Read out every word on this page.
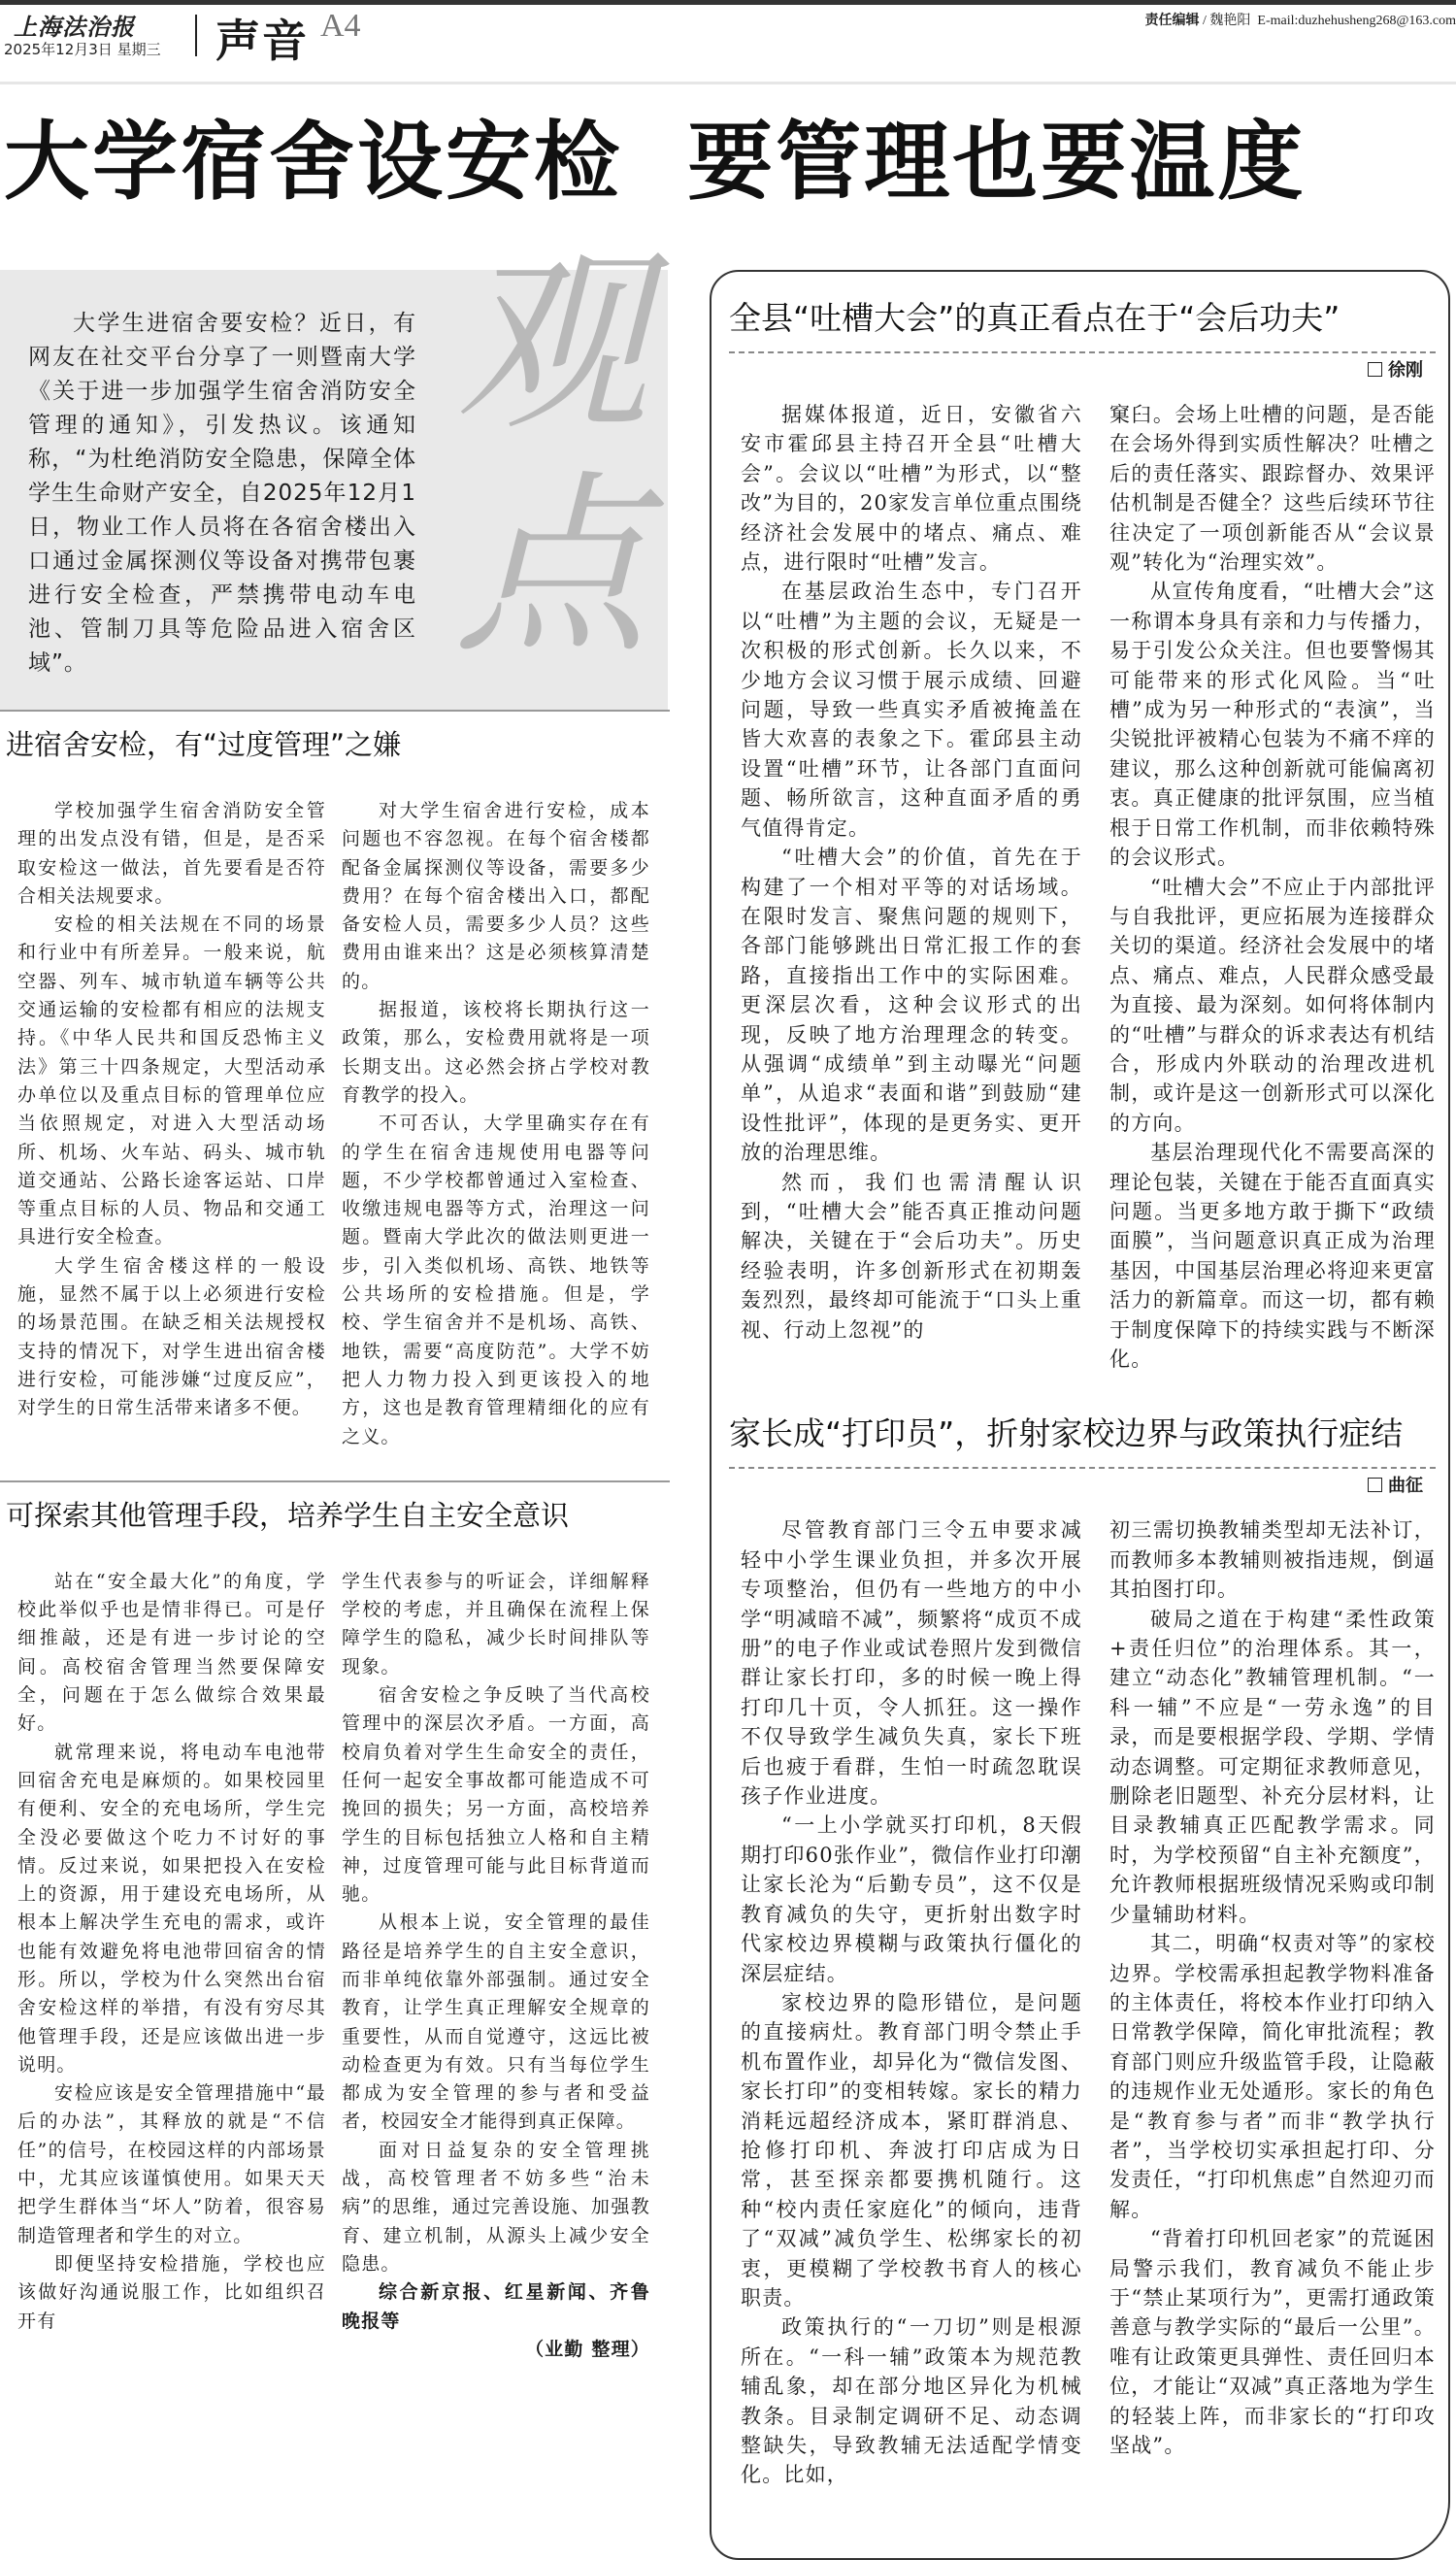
上海法治报
2025年12月3日 星期三 声音 A4	责任编辑 / 魏艳阳 E-mail:duzhehusheng268@163.com
大学宿舍设安检  要管理也要温度
观点

大学生进宿舍要安检？近日，有网友在社交平台分享了一则暨南大学《关于进一步加强学生宿舍消防安全管理的通知》，引发热议。该通知称，“为杜绝消防安全隐患，保障全体学生生命财产安全，自2025年12月1日，物业工作人员将在各宿舍楼出入口通过金属探测仪等设备对携带包裹进行安全检查，严禁携带电动车电池、管制刀具等危险品进入宿舍区域”。

进宿舍安检，有“过度管理”之嫌

学校加强学生宿舍消防安全管理的出发点没有错，但是，是否采取安检这一做法，首先要看是否符合相关法规要求。

安检的相关法规在不同的场景和行业中有所差异。一般来说，航空器、列车、城市轨道车辆等公共交通运输的安检都有相应的法规支持。《中华人民共和国反恐怖主义法》第三十四条规定，大型活动承办单位以及重点目标的管理单位应当依照规定，对进入大型活动场所、机场、火车站、码头、城市轨道交通站、公路长途客运站、口岸等重点目标的人员、物品和交通工具进行安全检查。

大学生宿舍楼这样的一般设施，显然不属于以上必须进行安检的场景范围。在缺乏相关法规授权支持的情况下，对学生进出宿舍楼进行安检，可能涉嫌“过度反应”，对学生的日常生活带来诸多不便。

对大学生宿舍进行安检，成本问题也不容忽视。在每个宿舍楼都配备金属探测仪等设备，需要多少费用？在每个宿舍楼出入口，都配备安检人员，需要多少人员？这些费用由谁来出？这是必须核算清楚的。

据报道，该校将长期执行这一政策，那么，安检费用就将是一项长期支出。这必然会挤占学校对教育教学的投入。

不可否认，大学里确实存在有的学生在宿舍违规使用电器等问题，不少学校都曾通过入室检查、收缴违规电器等方式，治理这一问题。暨南大学此次的做法则更进一步，引入类似机场、高铁、地铁等公共场所的安检措施。但是，学校、学生宿舍并不是机场、高铁、地铁，需要“高度防范”。大学不妨把人力物力投入到更该投入的地方，这也是教育管理精细化的应有之义。

可探索其他管理手段，培养学生自主安全意识

站在“安全最大化”的角度，学校此举似乎也是情非得已。可是仔细推敲，还是有进一步讨论的空间。高校宿舍管理当然要保障安全，问题在于怎么做综合效果最好。

就常理来说，将电动车电池带回宿舍充电是麻烦的。如果校园里有便利、安全的充电场所，学生完全没必要做这个吃力不讨好的事情。反过来说，如果把投入在安检上的资源，用于建设充电场所，从根本上解决学生充电的需求，或许也能有效避免将电池带回宿舍的情形。所以，学校为什么突然出台宿舍安检这样的举措，有没有穷尽其他管理手段，还是应该做出进一步说明。

安检应该是安全管理措施中“最后的办法”，其释放的就是“不信任”的信号，在校园这样的内部场景中，尤其应该谨慎使用。如果天天把学生群体当“坏人”防着，很容易制造管理者和学生的对立。

即便坚持安检措施，学校也应该做好沟通说服工作，比如组织召开有

学生代表参与的听证会，详细解释学校的考虑，并且确保在流程上保障学生的隐私，减少长时间排队等现象。

宿舍安检之争反映了当代高校管理中的深层次矛盾。一方面，高校肩负着对学生生命安全的责任，任何一起安全事故都可能造成不可挽回的损失；另一方面，高校培养学生的目标包括独立人格和自主精神，过度管理可能与此目标背道而驰。

从根本上说，安全管理的最佳路径是培养学生的自主安全意识，而非单纯依靠外部强制。通过安全教育，让学生真正理解安全规章的重要性，从而自觉遵守，这远比被动检查更为有效。只有当每位学生都成为安全管理的参与者和受益者，校园安全才能得到真正保障。

面对日益复杂的安全管理挑战，高校管理者不妨多些“治未病”的思维，通过完善设施、加强教育、建立机制，从源头上减少安全隐患。

综合新京报、红星新闻、齐鲁晚报等

（业勤 整理）
全县“吐槽大会”的真正看点在于“会后功夫”
徐刚

据媒体报道，近日，安徽省六安市霍邱县主持召开全县“吐槽大会”。会议以“吐槽”为形式，以“整改”为目的，20家发言单位重点围绕经济社会发展中的堵点、痛点、难点，进行限时“吐槽”发言。

在基层政治生态中，专门召开以“吐槽”为主题的会议，无疑是一次积极的形式创新。长久以来，不少地方会议习惯于展示成绩、回避问题，导致一些真实矛盾被掩盖在皆大欢喜的表象之下。霍邱县主动设置“吐槽”环节，让各部门直面问题、畅所欲言，这种直面矛盾的勇气值得肯定。

“吐槽大会”的价值，首先在于构建了一个相对平等的对话场域。在限时发言、聚焦问题的规则下，各部门能够跳出日常汇报工作的套路，直接指出工作中的实际困难。更深层次看，这种会议形式的出现，反映了地方治理理念的转变。从强调“成绩单”到主动曝光“问题单”，从追求“表面和谐”到鼓励“建设性批评”，体现的是更务实、更开放的治理思维。

然而，我们也需清醒认识到，“吐槽大会”能否真正推动问题解决，关键在于“会后功夫”。历史经验表明，许多创新形式在初期轰轰烈烈，最终却可能流于“口头上重视、行动上忽视”的

窠臼。会场上吐槽的问题，是否能在会场外得到实质性解决？吐槽之后的责任落实、跟踪督办、效果评估机制是否健全？这些后续环节往往决定了一项创新能否从“会议景观”转化为“治理实效”。

从宣传角度看，“吐槽大会”这一称谓本身具有亲和力与传播力，易于引发公众关注。但也要警惕其可能带来的形式化风险。当“吐槽”成为另一种形式的“表演”，当尖锐批评被精心包装为不痛不痒的建议，那么这种创新就可能偏离初衷。真正健康的批评氛围，应当植根于日常工作机制，而非依赖特殊的会议形式。

“吐槽大会”不应止于内部批评与自我批评，更应拓展为连接群众关切的渠道。经济社会发展中的堵点、痛点、难点，人民群众感受最为直接、最为深刻。如何将体制内的“吐槽”与群众的诉求表达有机结合，形成内外联动的治理改进机制，或许是这一创新形式可以深化的方向。

基层治理现代化不需要高深的理论包装，关键在于能否直面真实问题。当更多地方敢于撕下“政绩面膜”，当问题意识真正成为治理基因，中国基层治理必将迎来更富活力的新篇章。而这一切，都有赖于制度保障下的持续实践与不断深化。

家长成“打印员”，折射家校边界与政策执行症结
曲征

尽管教育部门三令五申要求减轻中小学生课业负担，并多次开展专项整治，但仍有一些地方的中小学“明减暗不减”，频繁将“成页不成册”的电子作业或试卷照片发到微信群让家长打印，多的时候一晚上得打印几十页，令人抓狂。这一操作不仅导致学生减负失真，家长下班后也疲于看群，生怕一时疏忽耽误孩子作业进度。

“一上小学就买打印机，8天假期打印60张作业”，微信作业打印潮让家长沦为“后勤专员”，这不仅是教育减负的失守，更折射出数字时代家校边界模糊与政策执行僵化的深层症结。

家校边界的隐形错位，是问题的直接病灶。教育部门明令禁止手机布置作业，却异化为“微信发图、家长打印”的变相转嫁。家长的精力消耗远超经济成本，紧盯群消息、抢修打印机、奔波打印店成为日常，甚至探亲都要携机随行。这种“校内责任家庭化”的倾向，违背了“双减”减负学生、松绑家长的初衷，更模糊了学校教书育人的核心职责。

政策执行的“一刀切”则是根源所在。“一科一辅”政策本为规范教辅乱象，却在部分地区异化为机械教条。目录制定调研不足、动态调整缺失，导致教辅无法适配学情变化。比如，

初三需切换教辅类型却无法补订，而教师多本教辅则被指违规，倒逼其拍图打印。

破局之道在于构建“柔性政策+责任归位”的治理体系。其一，建立“动态化”教辅管理机制。“一科一辅”不应是“一劳永逸”的目录，而是要根据学段、学期、学情动态调整。可定期征求教师意见，删除老旧题型、补充分层材料，让目录教辅真正匹配教学需求。同时，为学校预留“自主补充额度”，允许教师根据班级情况采购或印制少量辅助材料。

其二，明确“权责对等”的家校边界。学校需承担起教学物料准备的主体责任，将校本作业打印纳入日常教学保障，简化审批流程；教育部门则应升级监管手段，让隐蔽的违规作业无处遁形。家长的角色是“教育参与者”而非“教学执行者”，当学校切实承担起打印、分发责任，“打印机焦虑”自然迎刃而解。

“背着打印机回老家”的荒诞困局警示我们，教育减负不能止步于“禁止某项行为”，更需打通政策善意与教学实际的“最后一公里”。唯有让政策更具弹性、责任回归本位，才能让“双减”真正落地为学生的轻装上阵，而非家长的“打印攻坚战”。
